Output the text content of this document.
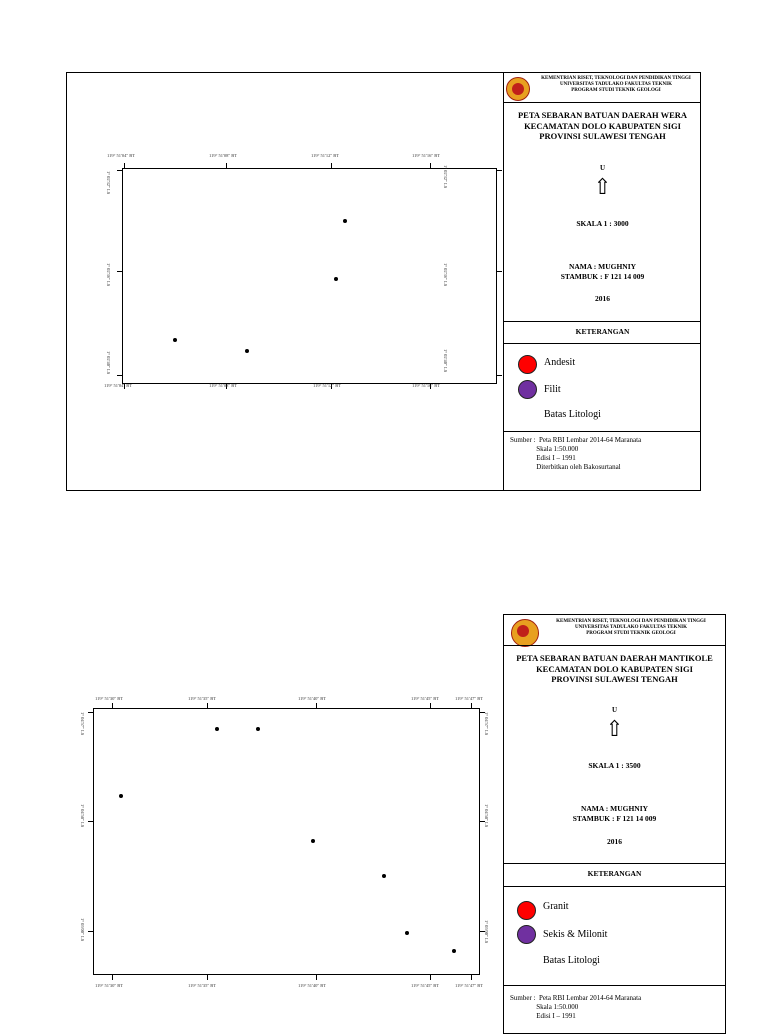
119° 51'04" BT	119° 51'08" BT	119° 51'12" BT	119° 51'16" BT
119° 51'04" BT	119° 51'08" BT	119° 51'12" BT	119° 51'16" BT
1° 02'32" LS
1° 02'36" LS
1° 02'40" LS
1° 02'32" LS
1° 02'36" LS
1° 02'40" LS
KEMENTRIAN RISET, TEKNOLOGI DAN PENDIDIKAN TINGGI
UNIVERSITAS TADULAKO FAKULTAS TEKNIK
PROGRAM STUDI TEKNIK GEOLOGI
PETA SEBARAN BATUAN DAERAH WERA
KECAMATAN DOLO KABUPATEN SIGI
PROVINSI SULAWESI TENGAH
U
⇧
SKALA 1 : 3000
NAMA : MUGHNIY
STAMBUK : F 121 14 009
2016
KETERANGAN
Andesit
Filit
Batas Litologi
Sumber :  Peta RBI Lembar 2014-64 Maranata
Skala 1:50.000
Edisi I – 1991
Diterbitkan oleh Bakosurtanal
KEMENTRIAN RISET, TEKNOLOGI DAN PENDIDIKAN TINGGI
UNIVERSITAS TADULAKO FAKULTAS TEKNIK
PROGRAM STUDI TEKNIK GEOLOGI
PETA SEBARAN BATUAN DAERAH MANTIKOLE
KECAMATAN DOLO KABUPATEN SIGI
PROVINSI SULAWESI TENGAH
U
⇧
SKALA 1 : 3500
NAMA : MUGHNIY
STAMBUK : F 121 14 009
2016
KETERANGAN
Granit
Sekis & Milonit
Batas Litologi
Sumber :  Peta RBI Lembar 2014-64 Maranata
Skala 1:50.000
Edisi I – 1991
119° 51'30" BT	119° 51'35" BT	119° 51'40" BT	119° 51'45" BT	119° 51'47" BT
119° 51'30" BT	119° 51'35" BT	119° 51'40" BT	119° 51'45" BT	119° 51'47" BT
1° 04'57" LS
1° 04'58" LS
1° 05'00" LS
1° 04'57" LS
1° 04'58" LS
1° 05'00" LS
